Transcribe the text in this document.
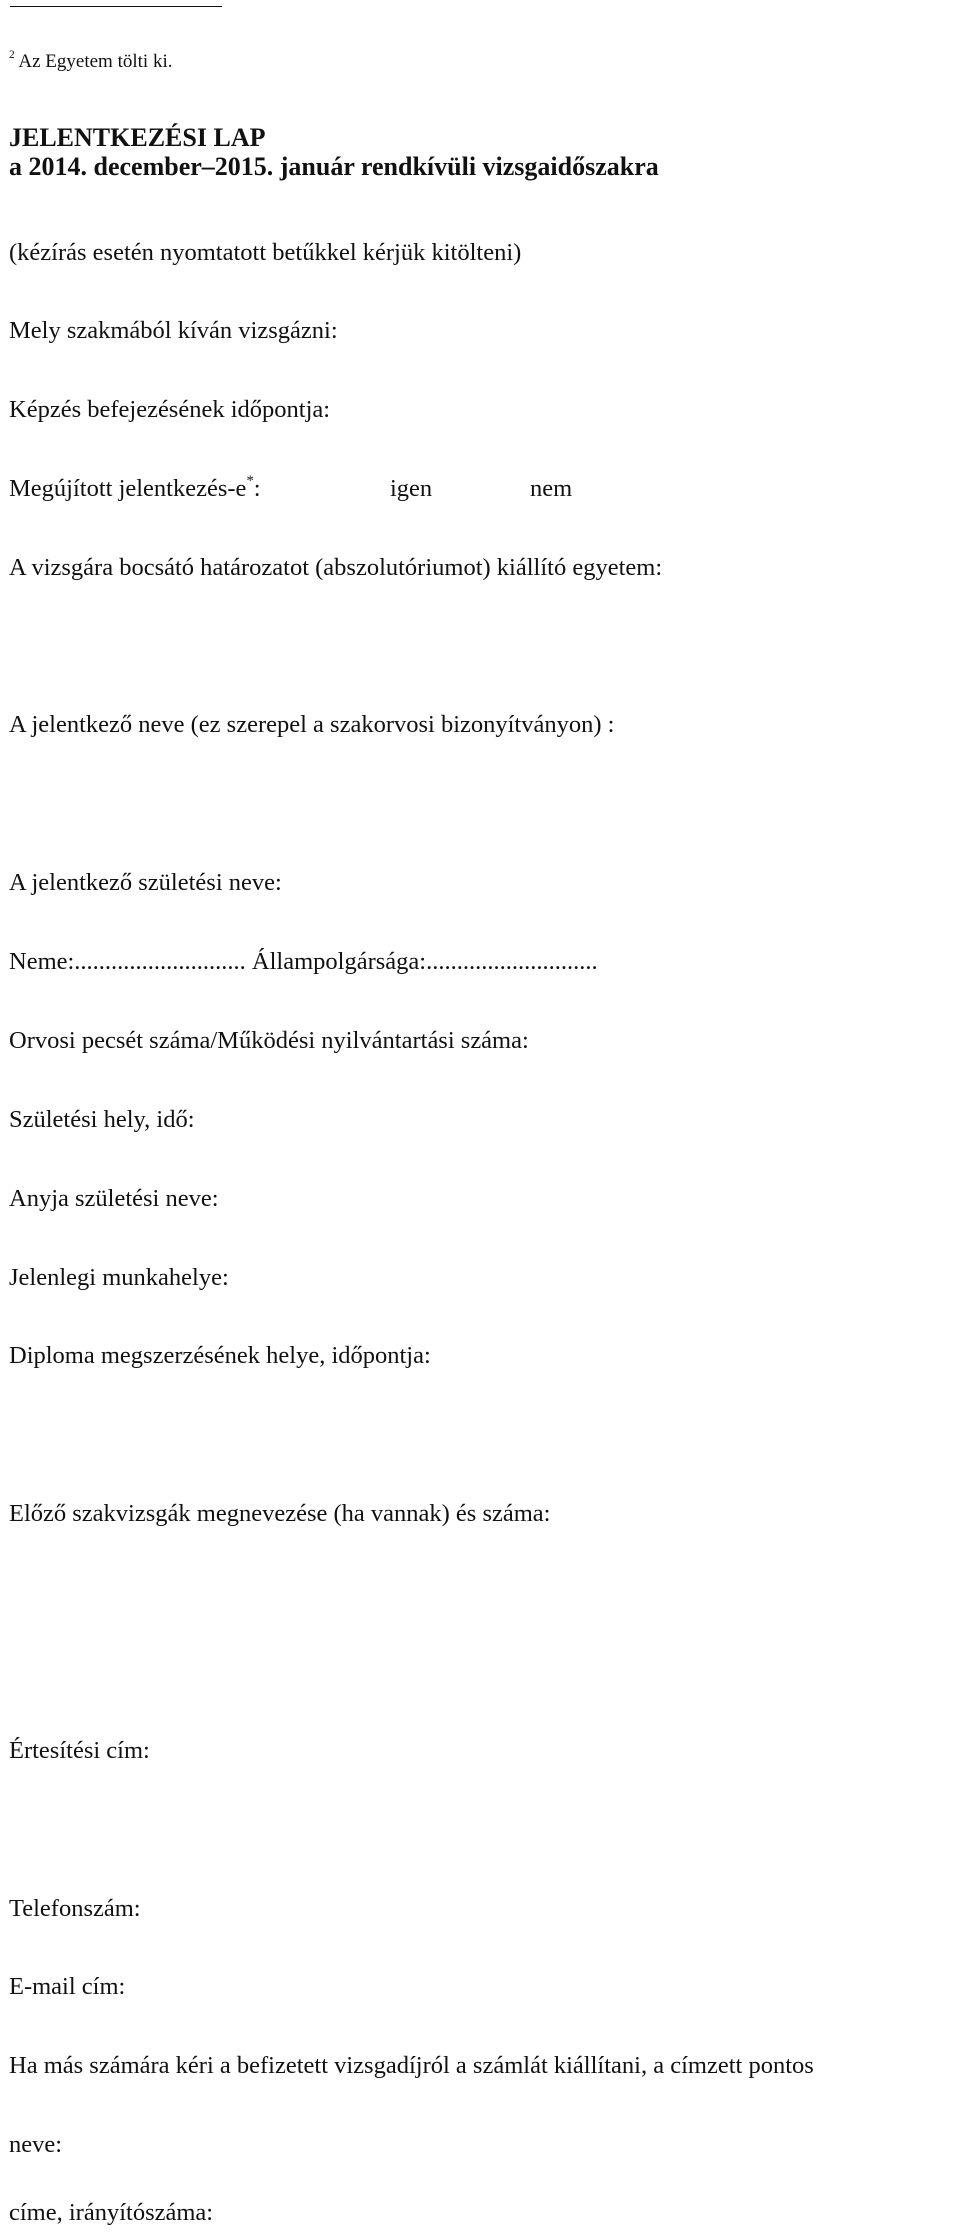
$^2$ Az Egyetem tölti ki.
JELENTKEZÉSI LAP
a 2014. december–2015. január rendkívüli vizsgaidőszakra
(kézírás esetén nyomtatott betűkkel kérjük kitölteni)
Mely szakmából kíván vizsgázni:
Képzés befejezésének időpontja:
Megújított jelentkezés-e*:	igen	nem
A vizsgára bocsátó határozatot (abszolutóriumot) kiállító egyetem:
A jelentkező neve (ez szerepel a szakorvosi bizonyítványon) :
A jelentkező születési neve:
Neme:............................ Állampolgársága:............................
Orvosi pecsét száma/Működési nyilvántartási száma:
Születési hely, idő:
Anyja születési neve:
Jelenlegi munkahelye:
Diploma megszerzésének helye, időpontja:
Előző szakvizsgák megnevezése (ha vannak) és száma:
Értesítési cím:
Telefonszám:
E-mail cím:
Ha más számára kéri a befizetett vizsgadíjról a számlát kiállítani, a címzett pontos
neve:
címe, irányítószáma:
